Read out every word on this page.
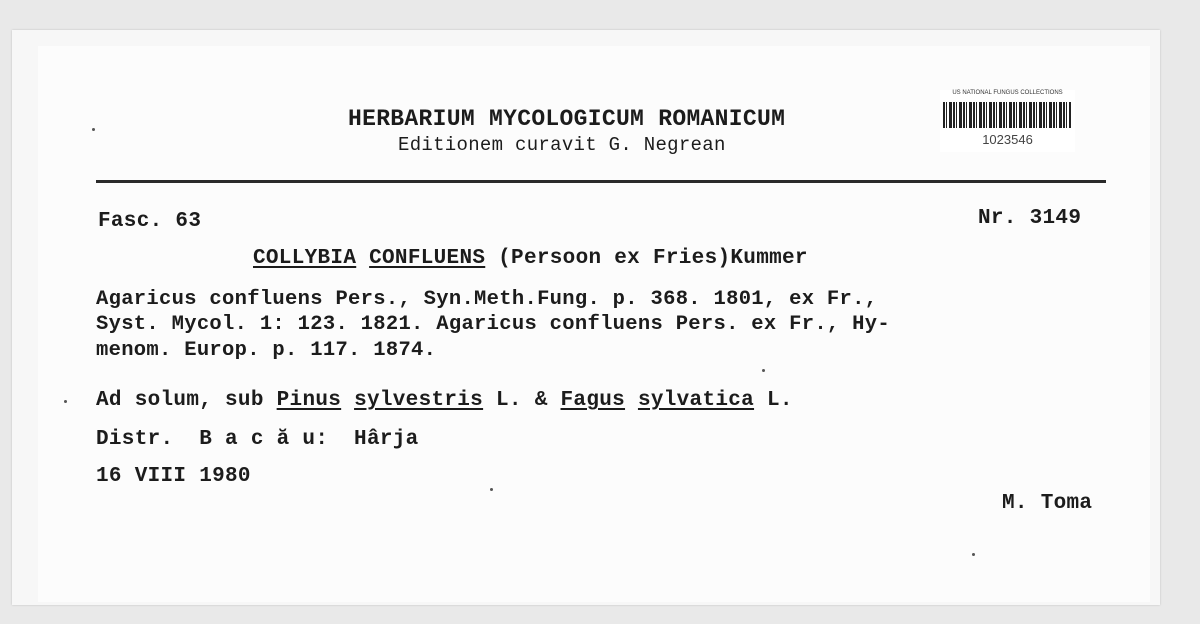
HERBARIUM MYCOLOGICUM ROMANICUM
Editionem curavit G. Negrean
US NATIONAL FUNGUS COLLECTIONS
1023546
Fasc. 63	Nr. 3149
COLLYBIA CONFLUENS (Persoon ex Fries)Kummer
Agaricus confluens Pers., Syn.Meth.Fung. p. 368. 1801, ex Fr.,
Syst. Mycol. 1: 123. 1821. Agaricus confluens Pers. ex Fr., Hy-
menom. Europ. p. 117. 1874.
Ad solum, sub Pinus sylvestris L. & Fagus sylvatica L.
Distr.  B a c ă u:  Hârja
16 VIII 1980
M. Toma
